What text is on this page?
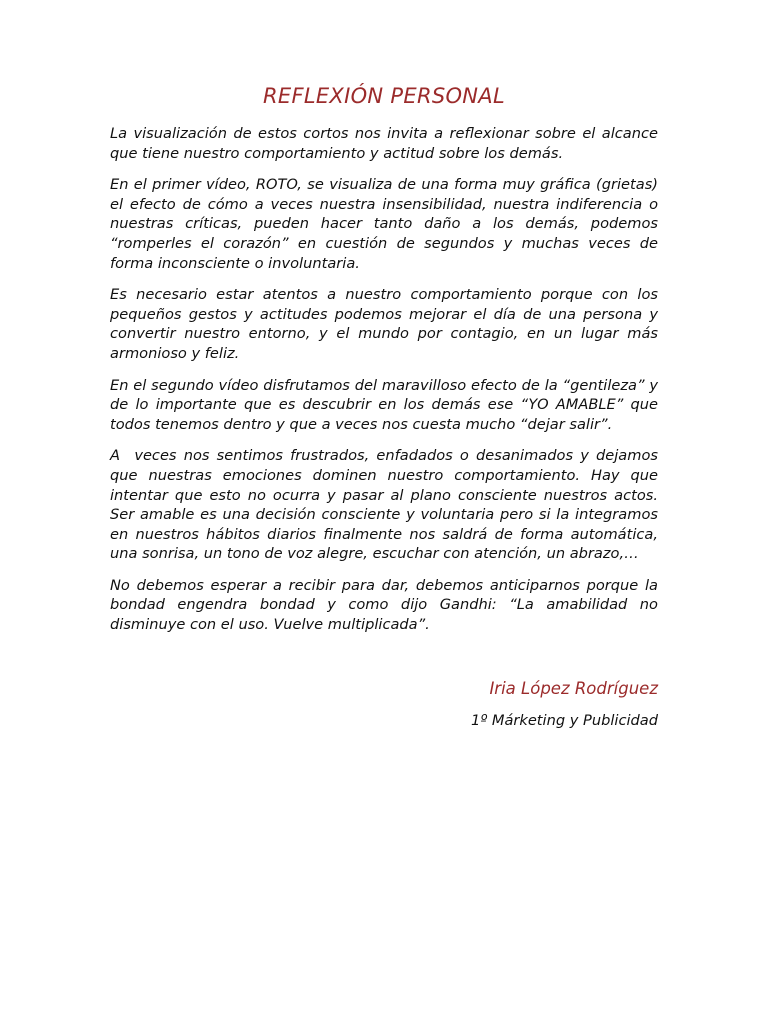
REFLEXIÓN PERSONAL

La visualización de estos cortos nos invita a reflexionar sobre el alcance que tiene nuestro comportamiento y actitud sobre los demás.

En el primer vídeo, ROTO, se visualiza de una forma muy gráfica (grietas)  el efecto de cómo a veces nuestra insensibilidad, nuestra indiferencia o nuestras críticas, pueden hacer tanto daño a los demás, podemos “romperles el corazón” en cuestión de segundos y muchas veces de forma inconsciente o involuntaria.

Es necesario estar atentos a nuestro comportamiento porque con los pequeños gestos y actitudes podemos mejorar el día de una persona y convertir nuestro entorno, y el mundo por contagio, en un lugar más armonioso y feliz.

En el segundo vídeo disfrutamos del maravilloso efecto de la “gentileza” y de lo importante que es descubrir en los demás ese “YO AMABLE” que todos tenemos dentro y que a veces nos cuesta mucho “dejar salir”.

A  veces nos sentimos frustrados, enfadados o desanimados y dejamos que nuestras emociones dominen nuestro comportamiento. Hay que intentar que esto no ocurra y pasar al plano consciente nuestros actos. Ser amable es una decisión consciente y voluntaria pero si la integramos en nuestros hábitos diarios finalmente nos saldrá de forma automática, una sonrisa, un tono de voz alegre, escuchar con atención, un abrazo,…

No debemos esperar a recibir para dar, debemos anticiparnos porque la bondad engendra bondad y como dijo Gandhi: “La amabilidad no disminuye con el uso. Vuelve multiplicada”.

Iria López Rodríguez

1º Márketing y Publicidad
